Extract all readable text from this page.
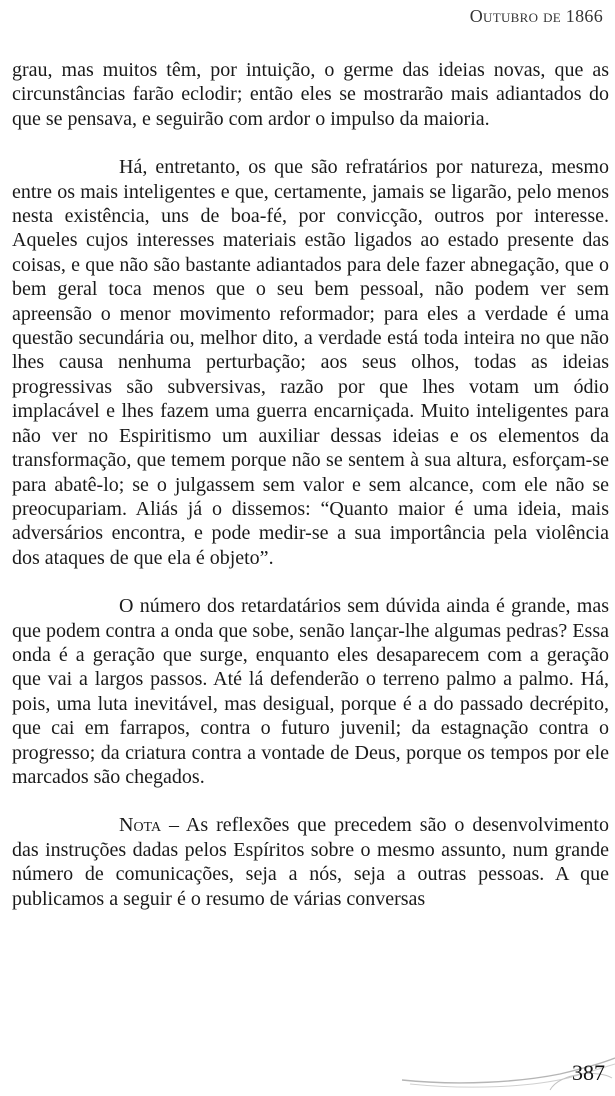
Outubro de 1866

grau, mas muitos têm, por intuição, o germe das ideias novas, que as circunstâncias farão eclodir; então eles se mostrarão mais adiantados do que se pensava, e seguirão com ardor o impulso da maioria.

Há, entretanto, os que são refratários por natureza, mesmo entre os mais inteligentes e que, certamente, jamais se ligarão, pelo menos nesta existência, uns de boa-fé, por convicção, outros por interesse. Aqueles cujos interesses materiais estão ligados ao estado presente das coisas, e que não são bastante adiantados para dele fazer abnegação, que o bem geral toca menos que o seu bem pessoal, não podem ver sem apreensão o menor movimento reformador; para eles a verdade é uma questão secundária ou, melhor dito, a verdade está toda inteira no que não lhes causa nenhuma perturbação; aos seus olhos, todas as ideias progressivas são subversivas, razão por que lhes votam um ódio implacável e lhes fazem uma guerra encarniçada. Muito inteligentes para não ver no Espiritismo um auxiliar dessas ideias e os elementos da transformação, que temem porque não se sentem à sua altura, esforçam-se para abatê-lo; se o julgassem sem valor e sem alcance, com ele não se preocupariam. Aliás já o dissemos: “Quanto maior é uma ideia, mais adversários encontra, e pode medir-se a sua importância pela violência dos ataques de que ela é objeto”.

O número dos retardatários sem dúvida ainda é grande, mas que podem contra a onda que sobe, senão lançar-lhe algumas pedras? Essa onda é a geração que surge, enquanto eles desaparecem com a geração que vai a largos passos. Até lá defenderão o terreno palmo a palmo. Há, pois, uma luta inevitável, mas desigual, porque é a do passado decrépito, que cai em farrapos, contra o futuro juvenil; da estagnação contra o progresso; da criatura contra a vontade de Deus, porque os tempos por ele marcados são chegados.

Nota – As reflexões que precedem são o desenvolvimento das instruções dadas pelos Espíritos sobre o mesmo assunto, num grande número de comunicações, seja a nós, seja a outras pessoas. A que publicamos a seguir é o resumo de várias conversas

387
